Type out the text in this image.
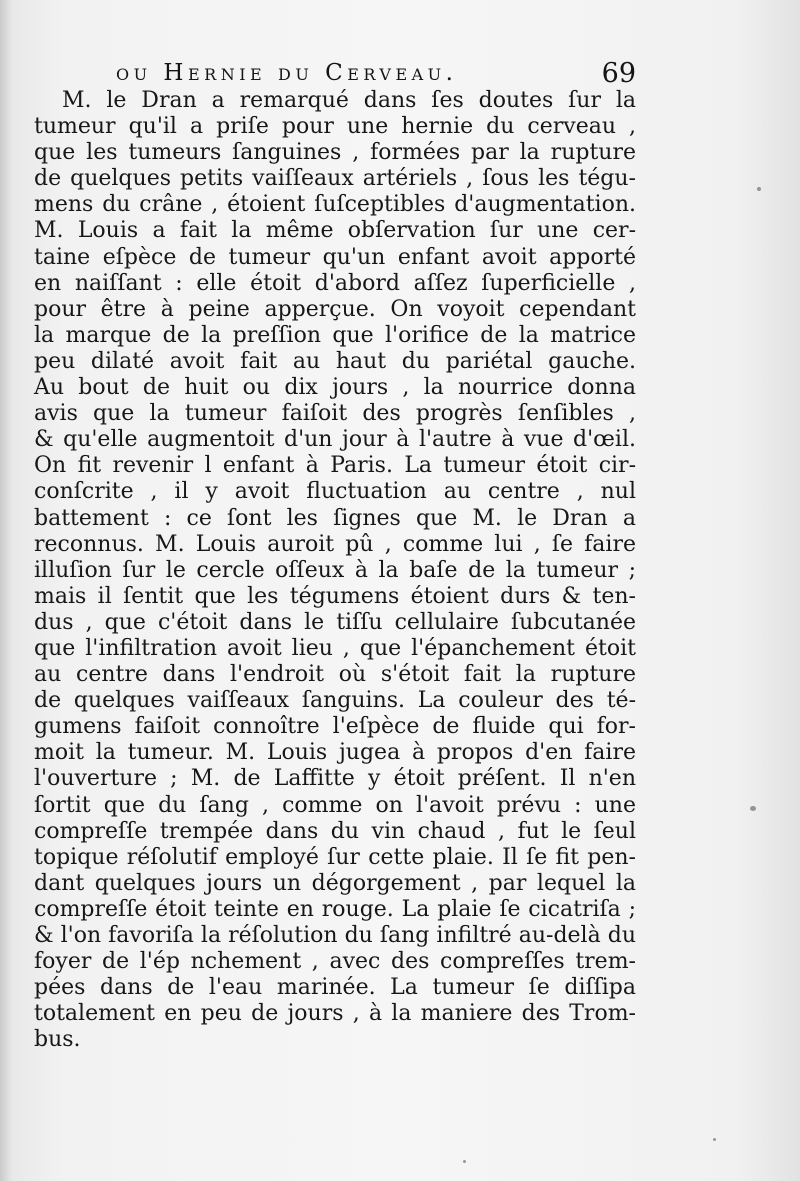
ou Hernie du Cerveau.	69
M. le Dran a remarqué dans ſes doutes ſur la
tumeur qu'il a priſe pour une hernie du cerveau ,
que les tumeurs ſanguines , formées par la rupture
de quelques petits vaiſſeaux artériels , ſous les tégu-
mens du crâne , étoient ſuſceptibles d'augmentation.
M. Louis a fait la même obſervation ſur une cer-
taine eſpèce de tumeur qu'un enfant avoit apporté
en naiſſant : elle étoit d'abord aſſez ſuperficielle ,
pour être à peine apperçue. On voyoit cependant
la marque de la preſſion que l'orifice de la matrice
peu dilaté avoit fait au haut du pariétal gauche.
Au bout de huit ou dix jours , la nourrice donna
avis que la tumeur faiſoit des progrès ſenſibles ,
& qu'elle augmentoit d'un jour à l'autre à vue d'œil.
On fit revenir l enfant à Paris. La tumeur étoit cir-
conſcrite , il y avoit fluctuation au centre , nul
battement : ce ſont les ſignes que M. le Dran a
reconnus. M. Louis auroit pû , comme lui , ſe faire
illuſion ſur le cercle oſſeux à la baſe de la tumeur ;
mais il ſentit que les tégumens étoient durs & ten-
dus , que c'étoit dans le tiſſu cellulaire ſubcutanée
que l'infiltration avoit lieu , que l'épanchement étoit
au centre dans l'endroit où s'étoit fait la rupture
de quelques vaiſſeaux ſanguins. La couleur des té-
gumens faiſoit connoître l'eſpèce de fluide qui for-
moit la tumeur. M. Louis jugea à propos d'en faire
l'ouverture ; M. de Laffitte y étoit préſent. Il n'en
ſortit que du ſang , comme on l'avoit prévu : une
compreſſe trempée dans du vin chaud , fut le ſeul
topique réſolutif employé ſur cette plaie. Il ſe fit pen-
dant quelques jours un dégorgement , par lequel la
compreſſe étoit teinte en rouge. La plaie ſe cicatriſa ;
& l'on favoriſa la réſolution du ſang infiltré au-delà du
foyer de l'ép nchement , avec des compreſſes trem-
pées dans de l'eau marinée. La tumeur ſe diſſipa
totalement en peu de jours , à la maniere des Trom-
bus.
